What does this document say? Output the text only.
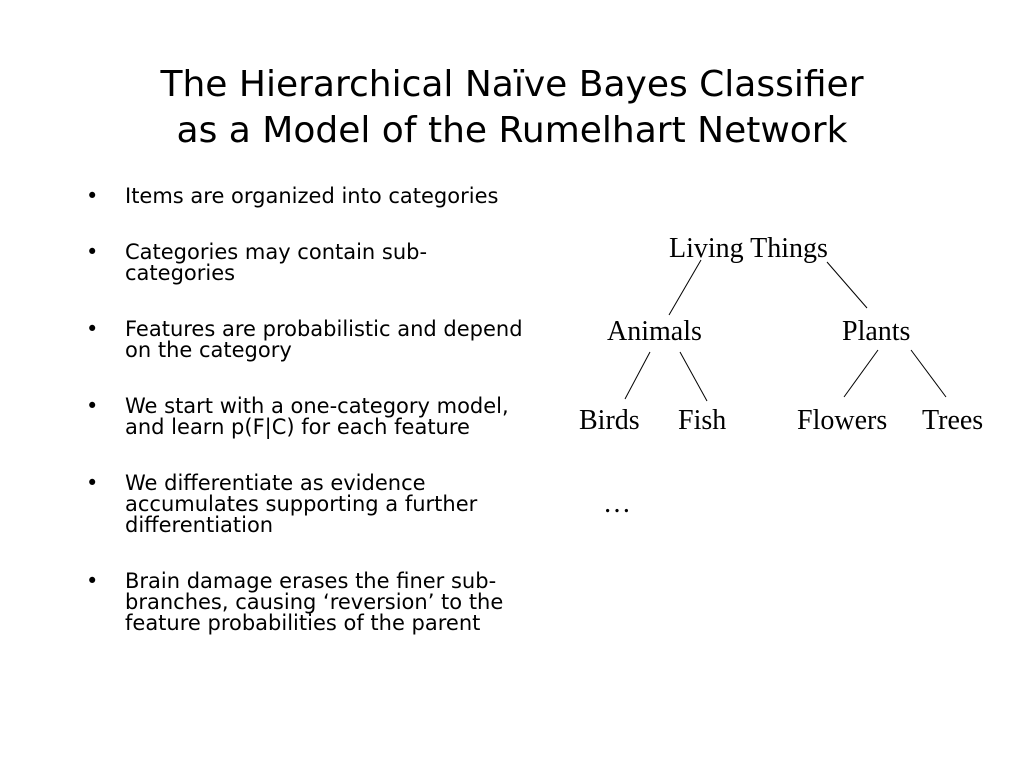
The Hierarchical Naïve Bayes Classifier
as a Model of the Rumelhart Network
• Items are organized into categories
• Categories may contain sub-categories
• Features are probabilistic and depend on the category
• We start with a one-category model, and learn p(F|C) for each feature
• We differentiate as evidence accumulates supporting a further differentiation
• Brain damage erases the finer sub-branches, causing ‘reversion’ to the feature probabilities of the parent
Living Things
Animals	Plants
Birds Fish	Flowers Trees
…
